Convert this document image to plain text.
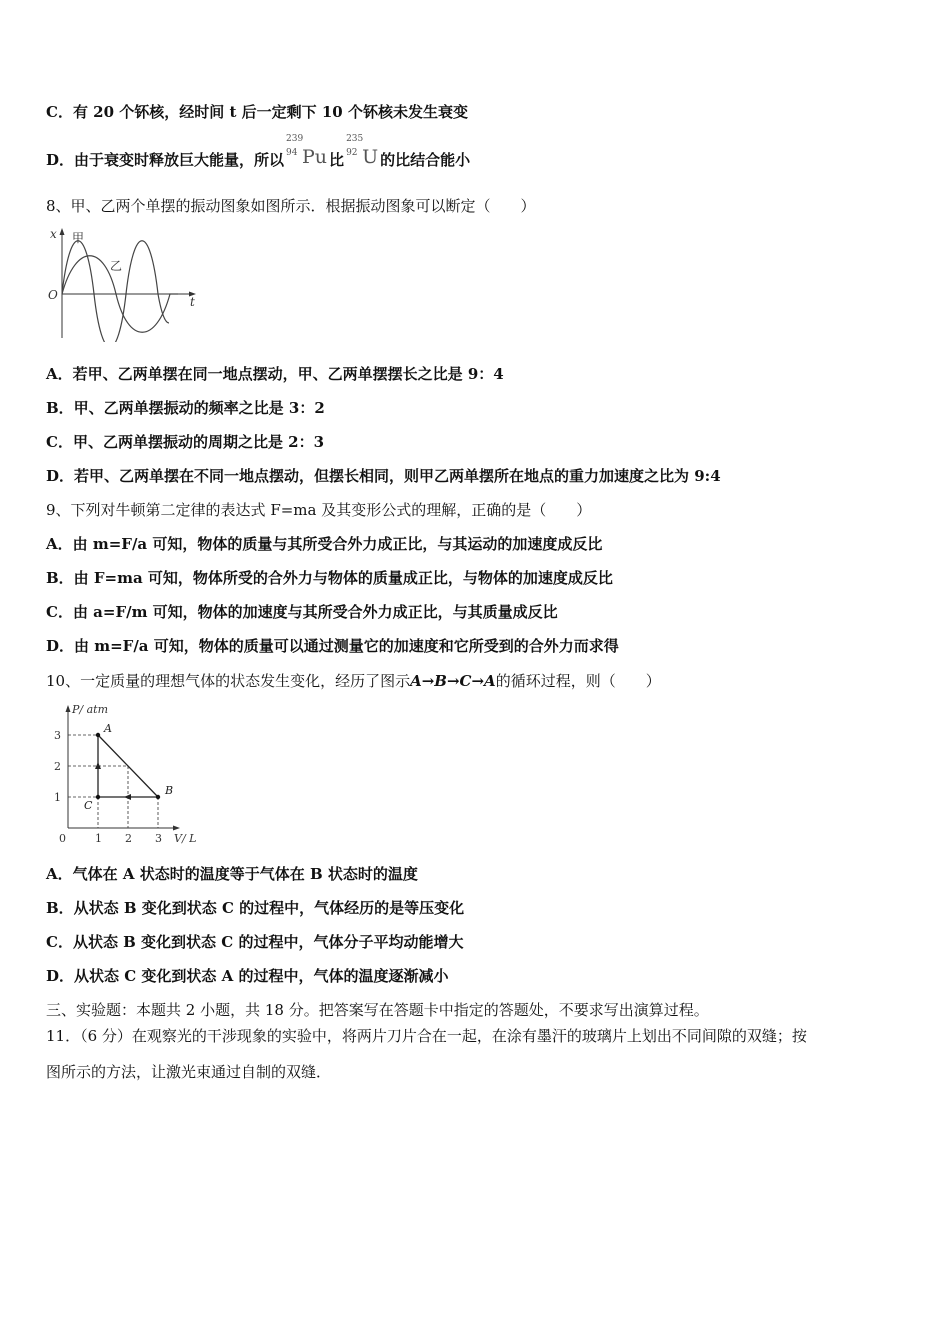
C．有 20 个钚核，经时间 t 后一定剩下 10 个钚核未发生衰变
D．由于衰变时释放巨大能量，所以
239
94 Pu 比
235
92 U 的比结合能小
8、甲、乙两个单摆的振动图象如图所示．根据振动图象可以断定（　　）
x
O	t
甲
乙
A．若甲、乙两单摆在同一地点摆动，甲、乙两单摆摆长之比是 9：4
B．甲、乙两单摆振动的频率之比是 3：2
C．甲、乙两单摆振动的周期之比是 2：3
D．若甲、乙两单摆在不同一地点摆动，但摆长相同，则甲乙两单摆所在地点的重力加速度之比为 9:4
9、下列对牛顿第二定律的表达式 F=ma 及其变形公式的理解，正确的是（　　）
A．由 m=F/a 可知，物体的质量与其所受合外力成正比，与其运动的加速度成反比
B．由 F=ma 可知，物体所受的合外力与物体的质量成正比，与物体的加速度成反比
C．由 a=F/m 可知，物体的加速度与其所受合外力成正比，与其质量成反比
D．由 m=F/a 可知，物体的质量可以通过测量它的加速度和它所受到的合外力而求得
10、一定质量的理想气体的状态发生变化，经历了图示A→B→C→A的循环过程，则（　　）
1
2
3
1 2 3
A
B
C
P/ atm
V/ L
0
A．气体在 A 状态时的温度等于气体在 B 状态时的温度
B．从状态 B 变化到状态 C 的过程中，气体经历的是等压变化
C．从状态 B 变化到状态 C 的过程中，气体分子平均动能增大
D．从状态 C 变化到状态 A 的过程中，气体的温度逐渐减小
三、实验题：本题共 2 小题，共 18 分。把答案写在答题卡中指定的答题处，不要求写出演算过程。
11．（6 分）在观察光的干涉现象的实验中，将两片刀片合在一起，在涂有墨汗的玻璃片上划出不同间隙的双缝；按
图所示的方法，让激光束通过自制的双缝．
